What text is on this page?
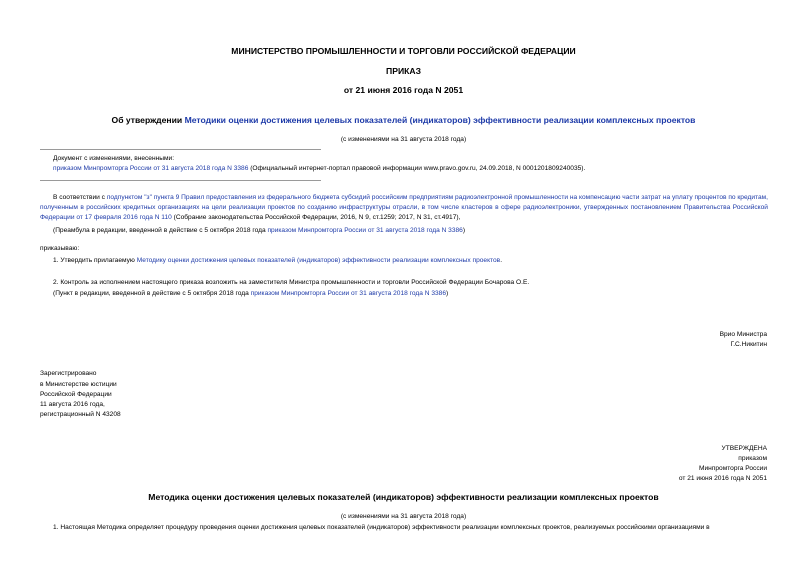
МИНИСТЕРСТВО ПРОМЫШЛЕННОСТИ И ТОРГОВЛИ РОССИЙСКОЙ ФЕДЕРАЦИИ
ПРИКАЗ
от 21 июня 2016 года N 2051
Об утверждении Методики оценки достижения целевых показателей (индикаторов) эффективности реализации комплексных проектов
(с изменениями на 31 августа 2018 года)
Документ с изменениями, внесенными:
приказом Минпромторга России от 31 августа 2018 года N 3386 (Официальный интернет-портал правовой информации www.pravo.gov.ru, 24.09.2018, N 0001201809240035).
В соответствии с подпунктом "з" пункта 9 Правил предоставления из федерального бюджета субсидий российским предприятиям радиоэлектронной промышленности на компенсацию части затрат на уплату процентов по кредитам, полученным в российских кредитных организациях на цели реализации проектов по созданию инфраструктуры отрасли, в том числе кластеров в сфере радиоэлектроники, утвержденных постановлением Правительства Российской Федерации от 17 февраля 2016 года N 110 (Собрание законодательства Российской Федерации, 2016, N 9, ст.1259; 2017, N 31, ст.4917),
(Преамбула в редакции, введенной в действие с 5 октября 2018 года приказом Минпромторга России от 31 августа 2018 года N 3386)
приказываю:
1. Утвердить прилагаемую Методику оценки достижения целевых показателей (индикаторов) эффективности реализации комплексных проектов.
2. Контроль за исполнением настоящего приказа возложить на заместителя Министра промышленности и торговли Российской Федерации Бочарова О.Е.
(Пункт в редакции, введенной в действие с 5 октября 2018 года приказом Минпромторга России от 31 августа 2018 года N 3386)
Врио Министра
Г.С.Никитин
Зарегистрировано
в Министерстве юстиции
Российской Федерации
11 августа 2016 года,
регистрационный N 43208
УТВЕРЖДЕНА
приказом
Минпромторга России
от 21 июня 2016 года N 2051
Методика оценки достижения целевых показателей (индикаторов) эффективности реализации комплексных проектов
(с изменениями на 31 августа 2018 года)
1. Настоящая Методика определяет процедуру проведения оценки достижения целевых показателей (индикаторов) эффективности реализации комплексных проектов, реализуемых российскими организациями в
